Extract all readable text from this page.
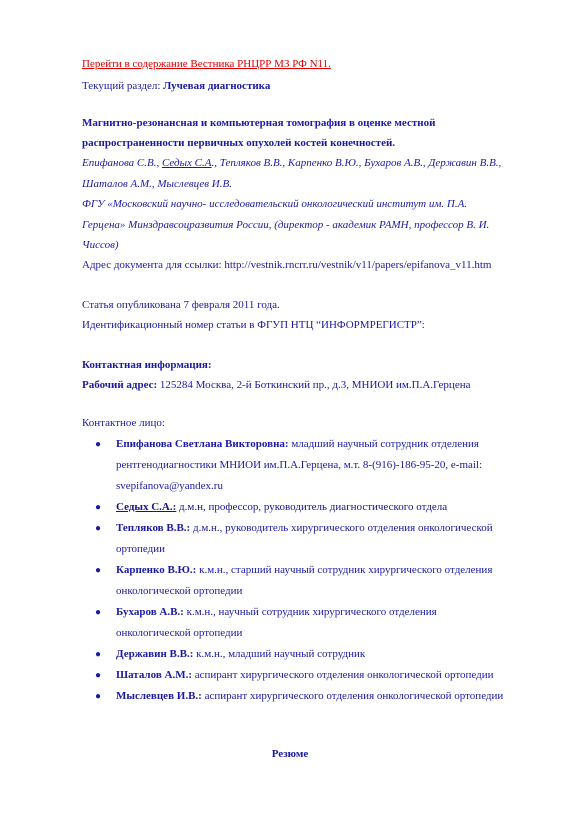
Перейти в содержание Вестника РНЦРР МЗ РФ N11.
Текущий раздел: Лучевая диагностика
Магнитно-резонансная и компьютерная томография в оценке местной
распространенности первичных опухолей костей конечностей.
Епифанова С.В., Седых С.А., Тепляков В.В., Карпенко В.Ю., Бухаров А.В., Державин В.В.,
Шаталов А.М., Мыслевцев И.В.
ФГУ «Московский научно- исследовательский онкологический институт им. П.А.
Герцена» Минздравсоцразвития России, (директор - академик РАМН, профессор В. И.
Чиссов)
Адрес документа для ссылки: http://vestnik.rncrr.ru/vestnik/v11/papers/epifanova_v11.htm
Статья опубликована 7 февраля 2011 года.
Идентификационный номер статьи в ФГУП НТЦ “ИНФОРМРЕГИСТР”:
Контактная информация:
Рабочий адрес: 125284 Москва, 2-й Боткинский пр., д.3, МНИОИ им.П.А.Герцена
Контактное лицо:
● Епифанова Светлана Викторовна: младший научный сотрудник отделения
рентгенодиагностики МНИОИ им.П.А.Герцена, м.т. 8-(916)-186-95-20, e-mail:
svepifanova@yandex.ru
● Седых С.А.: д.м.н, профессор, руководитель диагностического отдела
● Тепляков В.В.: д.м.н., руководитель хирургического отделения онкологической
ортопедии
● Карпенко В.Ю.: к.м.н., старший научный сотрудник хирургического отделения
онкологической ортопедии
● Бухаров А.В.: к.м.н., научный сотрудник хирургического отделения
онкологической ортопедии
● Державин В.В.: к.м.н., младший научный сотрудник
● Шаталов А.М.: аспирант хирургического отделения онкологической ортопедии
● Мыслевцев И.В.: аспирант хирургического отделения онкологической ортопедии
Резюме
